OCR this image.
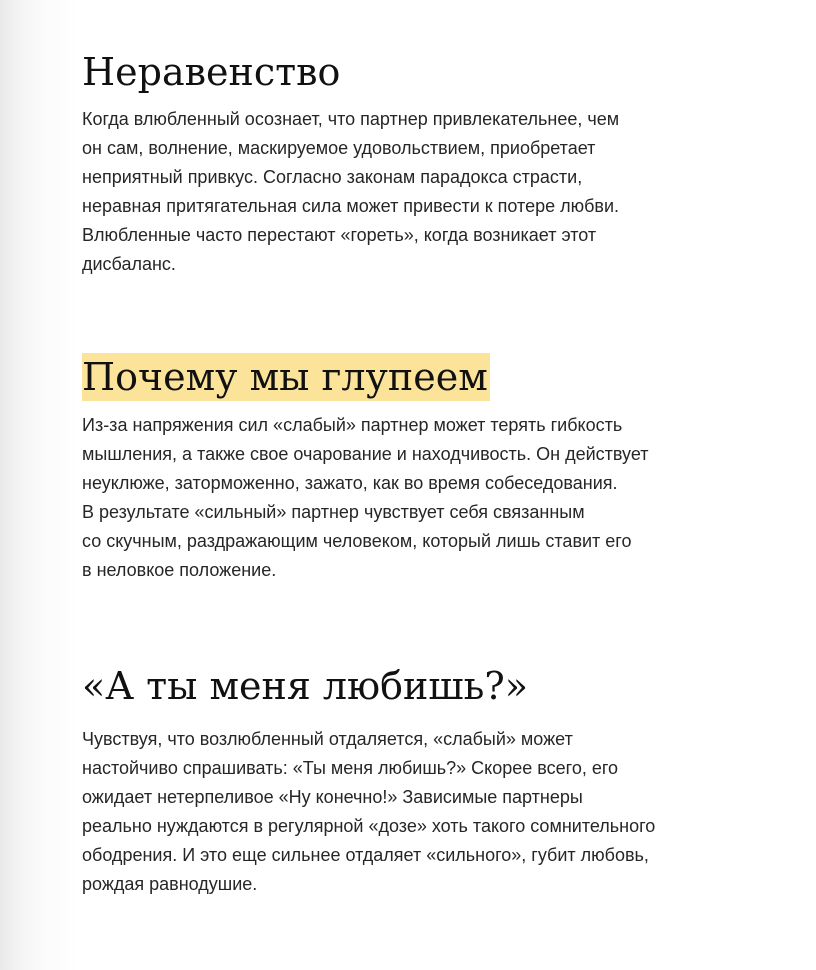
Неравенство

Когда влюбленный осознает, что партнер привлекательнее, чем
он сам, волнение, маскируемое удовольствием, приобретает
неприятный привкус. Согласно законам парадокса страсти,
неравная притягательная сила может привести к потере любви.
Влюбленные часто перестают «гореть», когда возникает этот
дисбаланс.

Почему мы глупеем

Из-за напряжения сил «слабый» партнер может терять гибкость
мышления, а также свое очарование и находчивость. Он действует
неуклюже, заторможенно, зажато, как во время собеседования.
В результате «сильный» партнер чувствует себя связанным
со скучным, раздражающим человеком, который лишь ставит его
в неловкое положение.

«А ты меня любишь?»

Чувствуя, что возлюбленный отдаляется, «слабый» может
настойчиво спрашивать: «Ты меня любишь?» Скорее всего, его
ожидает нетерпеливое «Ну конечно!» Зависимые партнеры
реально нуждаются в регулярной «дозе» хоть такого сомнительного
ободрения. И это еще сильнее отдаляет «сильного», губит любовь,
рождая равнодушие.
